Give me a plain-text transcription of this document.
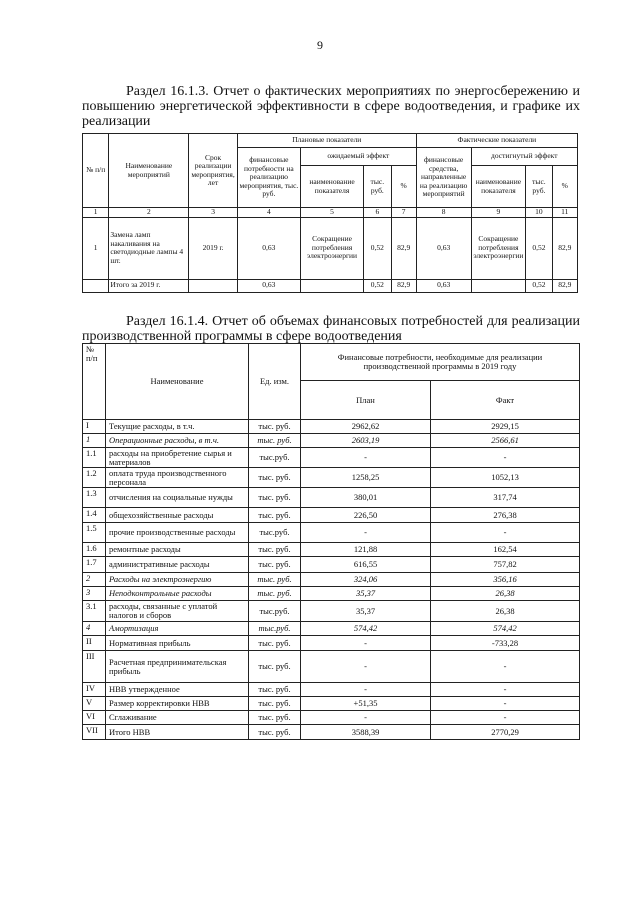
9
Раздел 16.1.3. Отчет о фактических мероприятиях по энергосбережению и повышению энергетической эффективности в сфере водоотведения, и графике их реализации
№ п/п	Наименование мероприятий	Срок реализации мероприятия, лет	Плановые показатели				Фактические показатели			
			финансовые потребности на реализацию мероприятия, тыс. руб.	ожидаемый эффект			финансовые средства, направленные на реализацию мероприятий	достигнутый эффект		
				наименование показателя	тыс. руб.	%		наименование показателя	тыс. руб.	%
1	2	3	4	5	6	7	8	9	10	11
1	Замена ламп накаливания на светодиодные лампы 4 шт.	2019 г.	0,63	Сокращение потребления электроэнергии	0,52	82,9	0,63	Сокращение потребления электроэнергии	0,52	82,9
	Итого за 2019 г.		0,63		0,52	82,9	0,63		0,52	82,9
Раздел 16.1.4. Отчет об объемах финансовых потребностей для реализации производственной программы в сфере водоотведения
№ п/п	Наименование	Ед. изм.	Финансовые потребности, необходимые для реализации производственной программы в 2019 году	
			План	Факт
I	Текущие расходы, в т.ч.	тыс. руб.	2962,62	2929,15
1	Операционные расходы, в т.ч.	тыс. руб.	2603,19	2566,61
1.1	расходы на приобретение сырья и материалов	тыс.руб.	-	-
1.2	оплата труда производственного персонала	тыс. руб.	1258,25	1052,13
1.3	отчисления на социальные нужды	тыс. руб.	380,01	317,74
1.4	общехозяйственные расходы	тыс. руб.	226,50	276,38
1.5	прочие производственные расходы	тыс.руб.	-	-
1.6	ремонтные расходы	тыс. руб.	121,88	162,54
1.7	административные расходы	тыс. руб.	616,55	757,82
2	Расходы на электроэнергию	тыс. руб.	324,06	356,16
3	Неподконтрольные расходы	тыс. руб.	35,37	26,38
3.1	расходы, связанные с уплатой налогов и сборов	тыс.руб.	35,37	26,38
4	Амортизация	тыс.руб.	574,42	574,42
II	Нормативная прибыль	тыс. руб.	-	-733,28
III	Расчетная предпринимательская прибыль	тыс. руб.	-	-
IV	НВВ утвержденное	тыс. руб.	-	-
V	Размер корректировки НВВ	тыс. руб.	+51,35	-
VI	Сглаживание	тыс. руб.	-	-
VII	Итого НВВ	тыс. руб.	3588,39	2770,29
